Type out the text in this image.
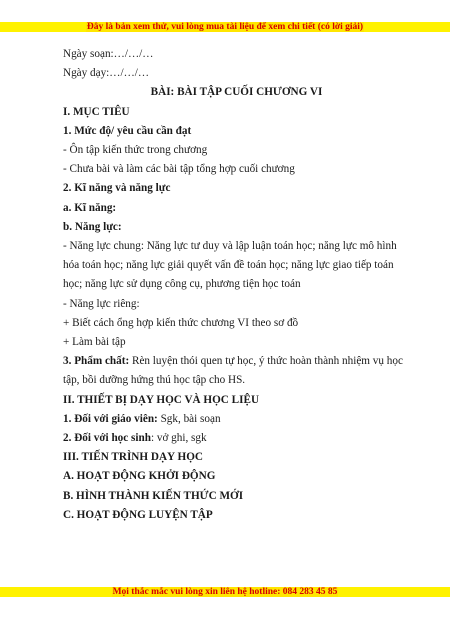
Đây là bản xem thử, vui lòng mua tài liệu để xem chi tiết (có lời giải)
Ngày soạn:…/…/…
Ngày dạy:…/…/…
BÀI: BÀI TẬP CUỐI CHƯƠNG VI
I. MỤC TIÊU
1. Mức độ/ yêu cầu cần đạt
- Ôn tập kiến thức trong chương
- Chưa bài và làm các bài tập tổng hợp cuối chương
2. Kĩ năng và năng lực
a. Kĩ năng:
b. Năng lực:
- Năng lực chung: Năng lực tư duy và lập luận toán học; năng lực mô hình hóa toán học; năng lực giải quyết vấn đề toán học; năng lực giao tiếp toán học; năng lực sử dụng công cụ, phương tiện học toán
- Năng lực riêng:
+ Biết cách ổng hợp kiến thức chương VI theo sơ đồ
+ Làm bài tập
3. Phẩm chất: Rèn luyện thói quen tự học, ý thức hoàn thành nhiệm vụ học tập, bồi dưỡng hứng thú học tập cho HS.
II. THIẾT BỊ DẠY HỌC VÀ HỌC LIỆU
1. Đối với giáo viên: Sgk, bài soạn
2. Đối với học sinh: vở ghi, sgk
III. TIẾN TRÌNH DẠY HỌC
A. HOẠT ĐỘNG KHỞI ĐỘNG
B. HÌNH THÀNH KIẾN THỨC MỚI
C. HOẠT ĐỘNG LUYỆN TẬP
Mọi thắc mắc vui lòng xin liên hệ hotline: 084 283 45 85
